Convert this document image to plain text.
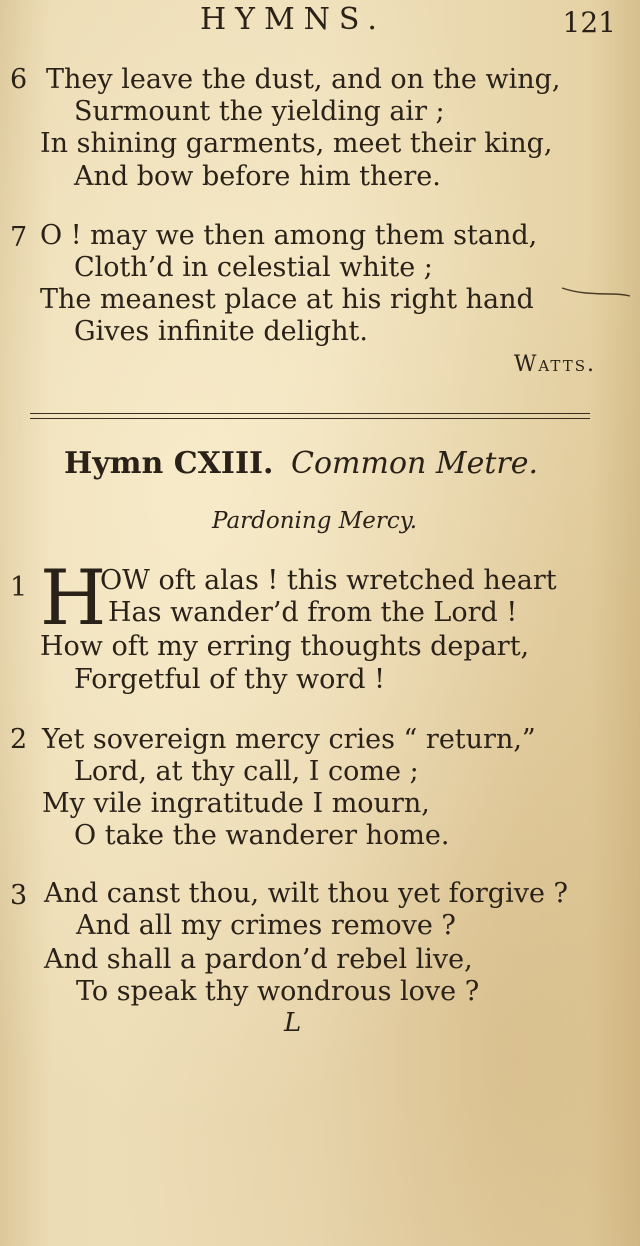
HYMNS.	121
6 They leave the dust, and on the wing,
Surmount the yielding air ;
In shining garments, meet their king,
And bow before him there.
7 O ! may we then among them stand,
Cloth’d in celestial white ;
The meanest place at his right hand
Gives infinite delight.
Watts.
Hymn CXIII. Common Metre.
Pardoning Mercy.
1 H
OW oft alas ! this wretched heart
Has wander’d from the Lord !
How oft my erring thoughts depart,
Forgetful of thy word !
2 Yet sovereign mercy cries “ return,”
Lord, at thy call, I come ;
My vile ingratitude I mourn,
O take the wanderer home.
3 And canst thou, wilt thou yet forgive ?
And all my crimes remove ?
And shall a pardon’d rebel live,
To speak thy wondrous love ?
L
